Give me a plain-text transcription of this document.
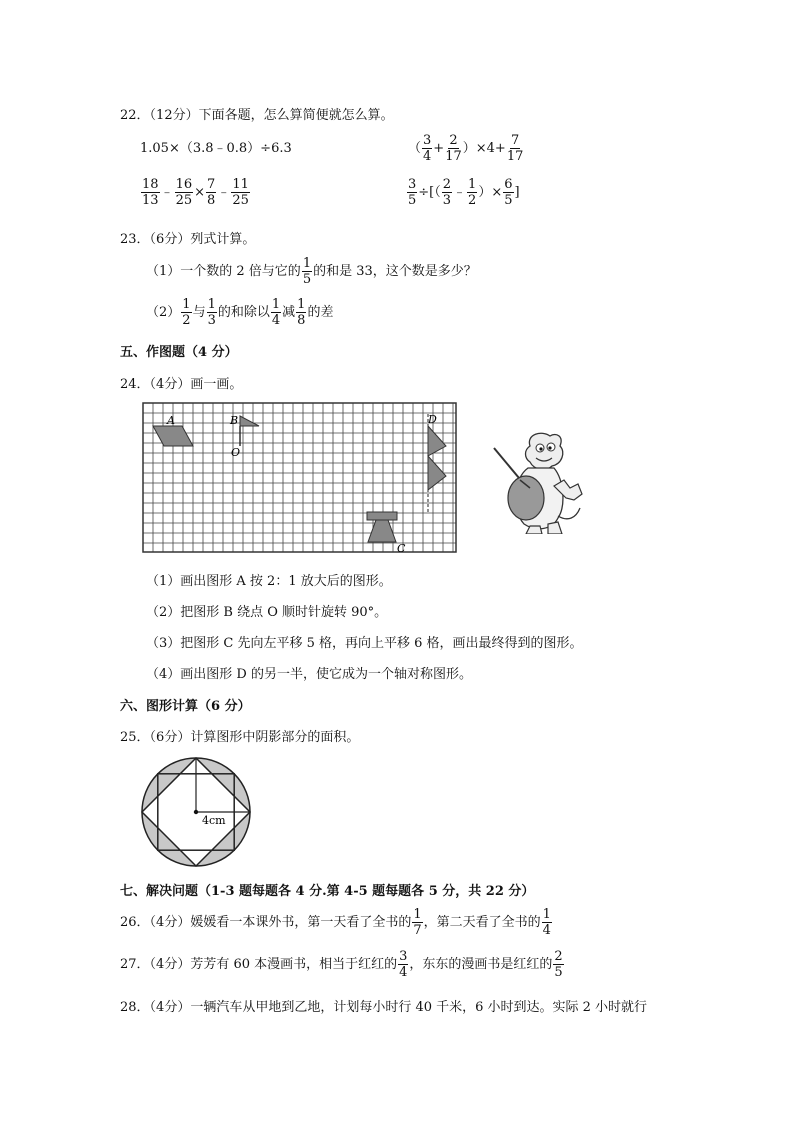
22．（12分）下面各题，怎么算简便就怎么算。
1.05×（3.8﹣0.8）÷6.3	（ $\frac{3}{4} + \frac{2}{17} )\times 4+ \frac{7}{17}$
$\frac{18}{13}$ ﹣ $\frac{16}{25} \times \frac{7}{8}$ ﹣ $\frac{11}{25}$	$\frac{3}{5}$ ÷[（ $\frac{2}{3}$ ﹣ $\frac{1}{2}$ ）× $\frac{6}{5}$ ]
23．（6分）列式计算。
（1）一个数的 2 倍与它的 $\frac{1}{5}$ 的和是 33，这个数是多少？
$(2) \frac{1}{2}$ 与 $\frac{1}{3}$ 的和除以 $\frac{1}{4}$ 减 $\frac{1}{8}$ 的差
五、作图题（4 分）
24．（4分）画一画。
A	B
O
D
C
（1）画出图形 A 按 2：1 放大后的图形。
（2）把图形 B 绕点 O 顺时针旋转 90°。
（3）把图形 C 先向左平移 5 格，再向上平移 6 格，画出最终得到的图形。
（4）画出图形 D 的另一半，使它成为一个轴对称图形。
六、图形计算（6 分）
25．（6分）计算图形中阴影部分的面积。
4cm
七、解决问题（1-3 题每题各 4 分.第 4-5 题每题各 5 分，共 22 分）
26．（4分）媛媛看一本课外书，第一天看了全书的 $\frac{1}{7}$ ，第二天看了全书的 $\frac{1}{4}$
27．（4分）芳芳有 60 本漫画书，相当于红红的 $\frac{3}{4}$ ，东东的漫画书是红红的 $\frac{2}{5}$
28．（4分）一辆汽车从甲地到乙地，计划每小时行 40 千米，6 小时到达。实际 2 小时就行
